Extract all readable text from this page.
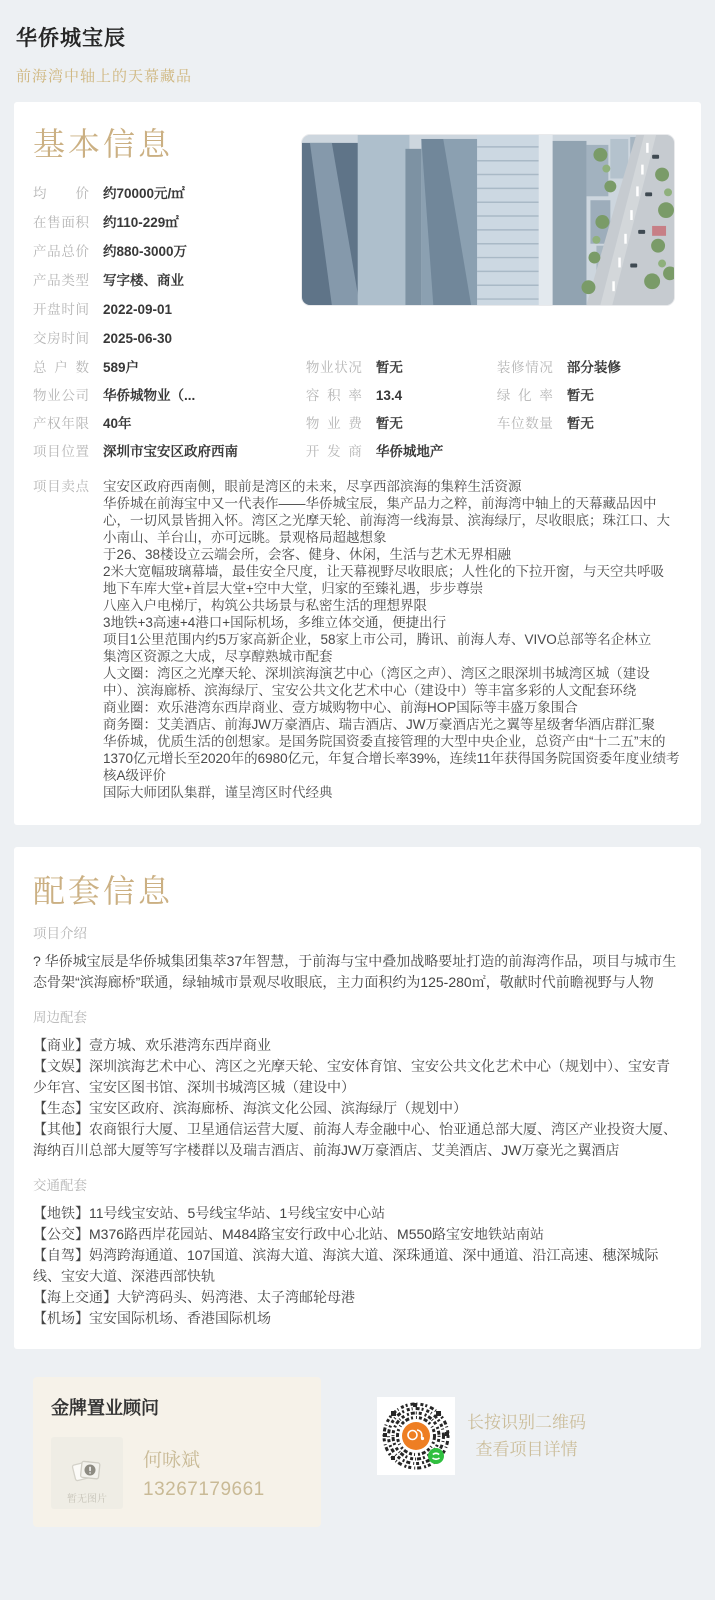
华侨城宝辰
前海湾中轴上的天幕藏品
基本信息
均价 约70000元/㎡
在售面积 约110-229㎡
产品总价 约880-3000万
产品类型 写字楼、商业
开盘时间 2022-09-01
交房时间 2025-06-30
总户数 589户
物业公司 华侨城物业（...
产权年限 40年
项目位置 深圳市宝安区政府西南
物业状况 暂无
容积率 13.4
物业费 暂无
开发商 华侨城地产
装修情况 部分装修
绿化率 暂无
车位数量 暂无
项目卖点 宝安区政府西南侧，眼前是湾区的未来，尽享西部滨海的集粹生活资源
华侨城在前海宝中又一代表作——华侨城宝辰，集产品力之粹，前海湾中轴上的天幕藏品因中心，一切风景皆拥入怀。湾区之光摩天轮、前海湾一线海景、滨海绿厅，尽收眼底；珠江口、大小南山、羊台山，亦可远眺。景观格局超越想象
于26、38楼设立云端会所，会客、健身、休闲，生活与艺术无界相融
2米大宽幅玻璃幕墙，最佳安全尺度，让天幕视野尽收眼底；人性化的下拉开窗，与天空共呼吸
地下车库大堂+首层大堂+空中大堂，归家的至臻礼遇，步步尊崇
八座入户电梯厅，构筑公共场景与私密生活的理想界限
3地铁+3高速+4港口+国际机场，多维立体交通，便捷出行
项目1公里范围内约5万家高新企业，58家上市公司，腾讯、前海人寿、VIVO总部等名企林立
集湾区资源之大成，尽享醇熟城市配套
人文圈：湾区之光摩天轮、深圳滨海演艺中心（湾区之声）、湾区之眼深圳书城湾区城（建设中）、滨海廊桥、滨海绿厅、宝安公共文化艺术中心（建设中）等丰富多彩的人文配套环绕
商业圈：欢乐港湾东西岸商业、壹方城购物中心、前海HOP国际等丰盛万象围合
商务圈：艾美酒店、前海JW万豪酒店、瑞吉酒店、JW万豪酒店光之翼等星级奢华酒店群汇聚
华侨城，优质生活的创想家。是国务院国资委直接管理的大型中央企业，总资产由“十二五”末的1370亿元增长至2020年的6980亿元，年复合增长率39%，连续11年获得国务院国资委年度业绩考核A级评价
国际大师团队集群，谨呈湾区时代经典
配套信息
项目介绍
? 华侨城宝辰是华侨城集团集萃37年智慧，于前海与宝中叠加战略要址打造的前海湾作品，项目与城市生态骨架“滨海廊桥”联通，绿轴城市景观尽收眼底，主力面积约为125-280㎡，敬献时代前瞻视野与人物
周边配套
【商业】壹方城、欢乐港湾东西岸商业
【文娱】深圳滨海艺术中心、湾区之光摩天轮、宝安体育馆、宝安公共文化艺术中心（规划中）、宝安青少年宫、宝安区图书馆、深圳书城湾区城（建设中）
【生态】宝安区政府、滨海廊桥、海滨文化公园、滨海绿厅（规划中）
【其他】农商银行大厦、卫星通信运营大厦、前海人寿金融中心、怡亚通总部大厦、湾区产业投资大厦、海纳百川总部大厦等写字楼群以及瑞吉酒店、前海JW万豪酒店、艾美酒店、JW万豪光之翼酒店
交通配套
【地铁】11号线宝安站、5号线宝华站、1号线宝安中心站
【公交】M376路西岸花园站、M484路宝安行政中心北站、M550路宝安地铁站南站
【自驾】妈湾跨海通道、107国道、滨海大道、海滨大道、深珠通道、深中通道、沿江高速、穗深城际线、宝安大道、深港西部快轨
【海上交通】大铲湾码头、妈湾港、太子湾邮轮母港
【机场】宝安国际机场、香港国际机场
金牌置业顾问
暂无图片
何咏斌
13267179661
长按识别二维码
查看项目详情
